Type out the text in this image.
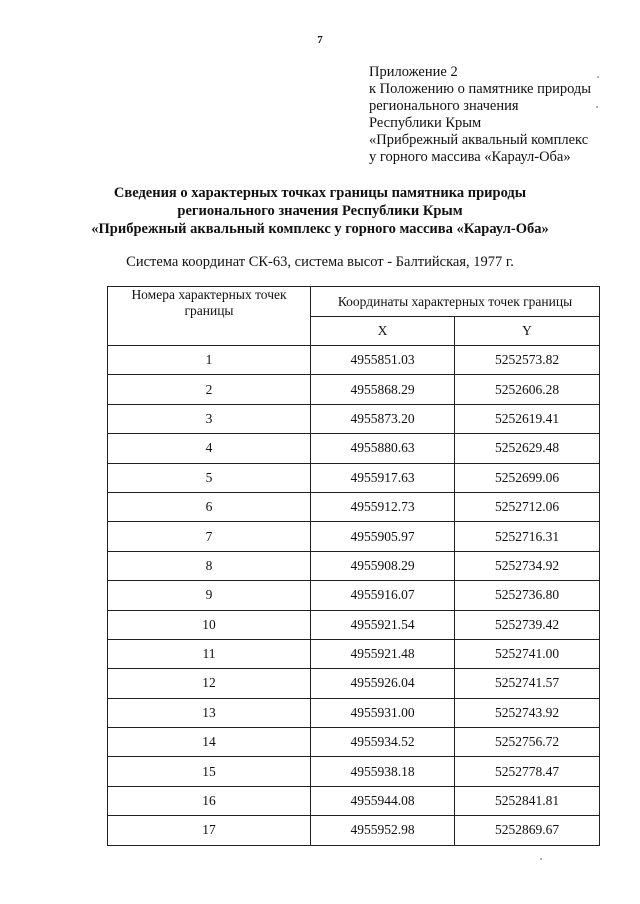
7
Приложение 2
к Положению о памятнике природы
регионального значения
Республики Крым
«Прибрежный аквальный комплекс
у горного массива «Караул-Оба»
Сведения о характерных точках границы памятника природы
регионального значения Республики Крым
«Прибрежный аквальный комплекс у горного массива «Караул-Оба»
Система координат СК-63, система высот - Балтийская, 1977 г.
Номера характерных точек границы	Координаты характерных точек границы	
	X	Y
1	4955851.03	5252573.82
2	4955868.29	5252606.28
3	4955873.20	5252619.41
4	4955880.63	5252629.48
5	4955917.63	5252699.06
6	4955912.73	5252712.06
7	4955905.97	5252716.31
8	4955908.29	5252734.92
9	4955916.07	5252736.80
10	4955921.54	5252739.42
11	4955921.48	5252741.00
12	4955926.04	5252741.57
13	4955931.00	5252743.92
14	4955934.52	5252756.72
15	4955938.18	5252778.47
16	4955944.08	5252841.81
17	4955952.98	5252869.67
